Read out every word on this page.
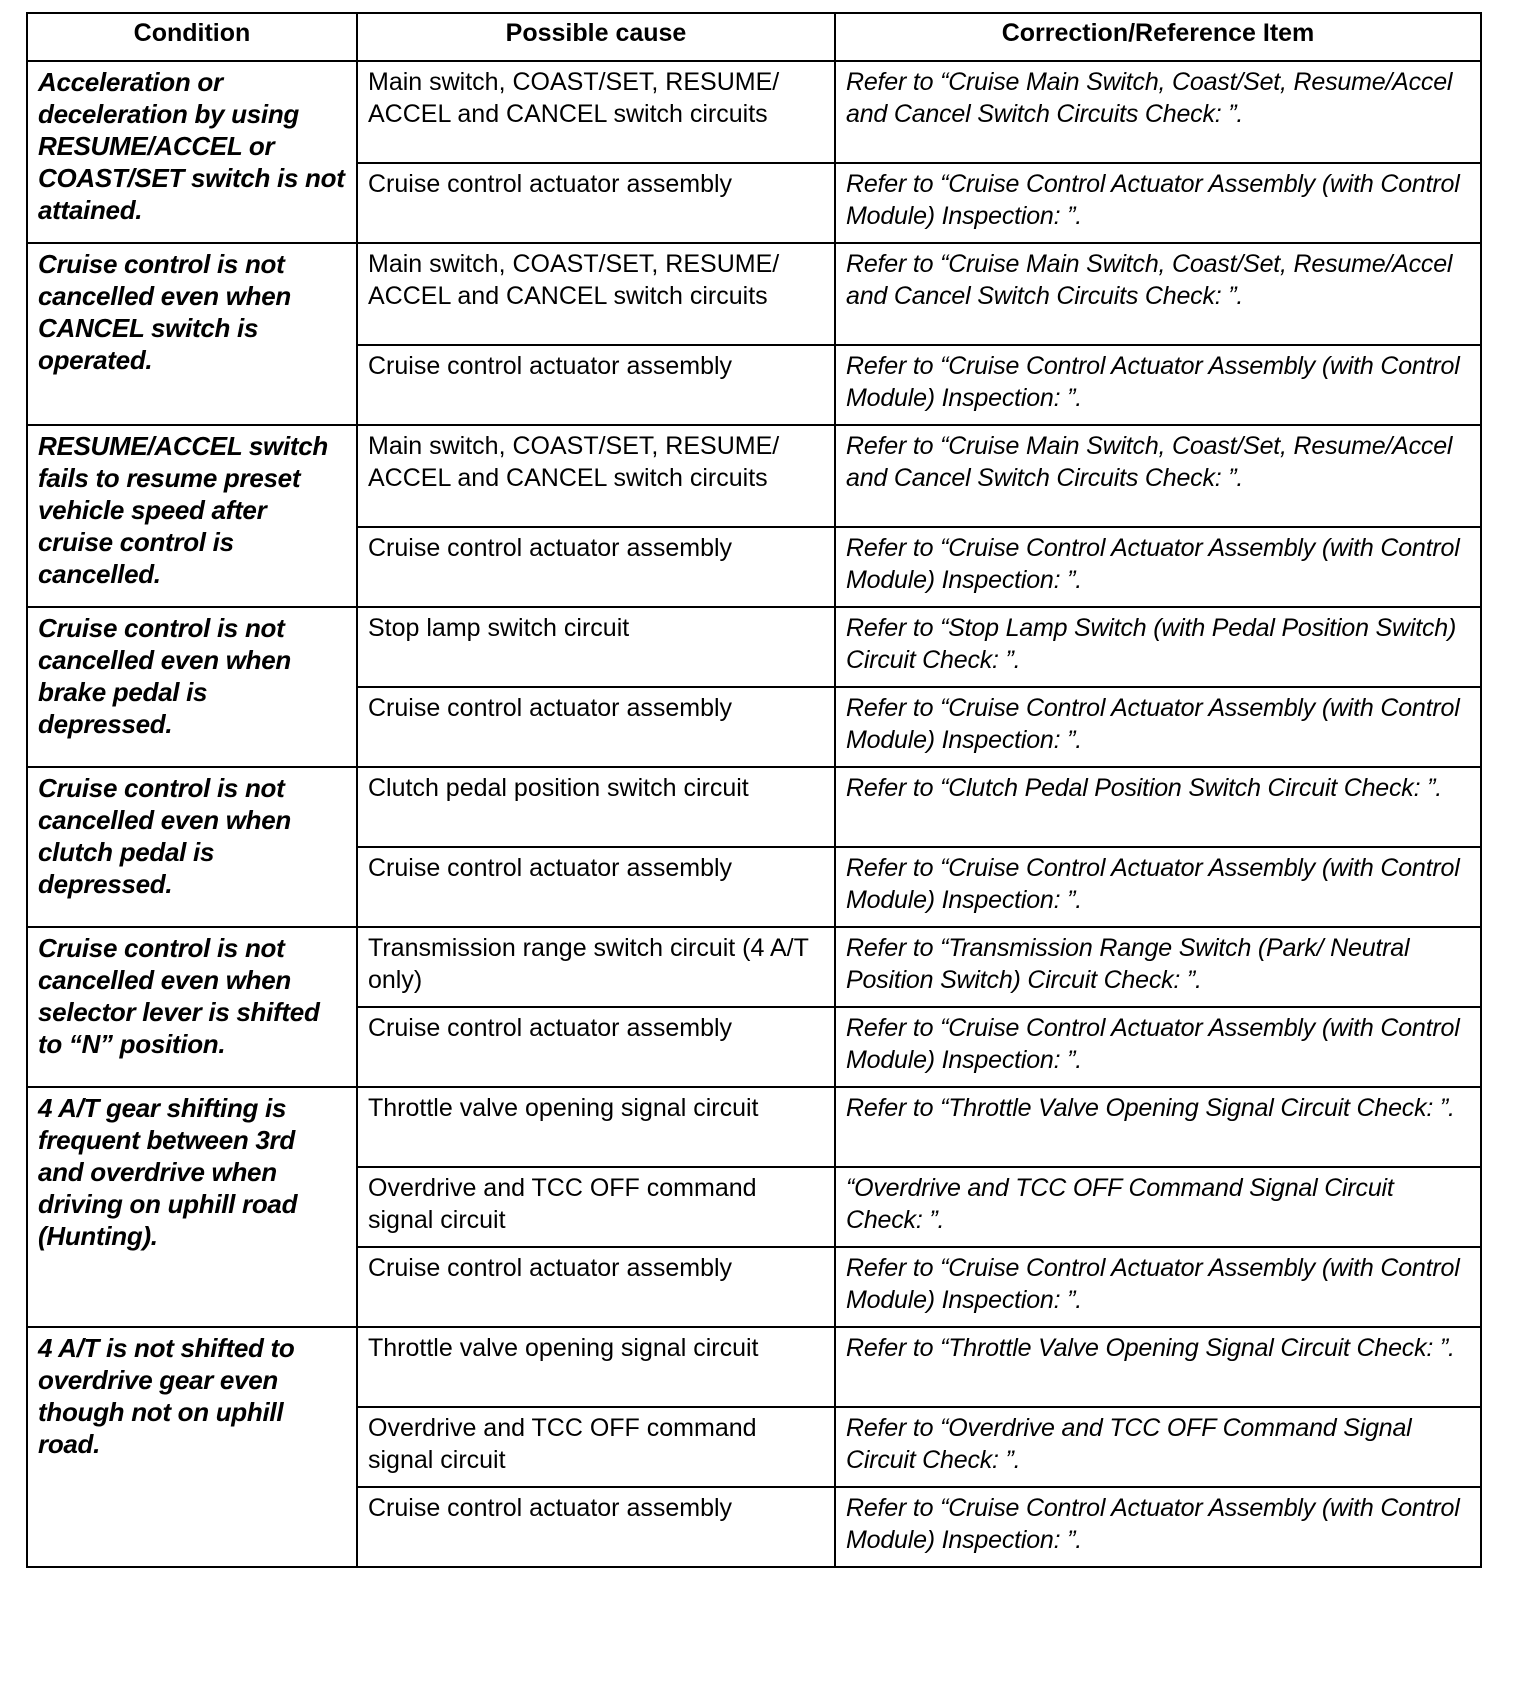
Condition	Possible cause	Correction/Reference Item
Acceleration or deceleration by using RESUME/ACCEL or COAST/SET switch is not attained.	Main switch, COAST/SET, RESUME/ ACCEL and CANCEL switch circuits	Refer to “Cruise Main Switch, Coast/Set, Resume/Accel and Cancel Switch Circuits Check: ”.
	Cruise control actuator assembly	Refer to “Cruise Control Actuator Assembly (with Control Module) Inspection: ”.
Cruise control is not cancelled even when CANCEL switch is operated.	Main switch, COAST/SET, RESUME/ ACCEL and CANCEL switch circuits	Refer to “Cruise Main Switch, Coast/Set, Resume/Accel and Cancel Switch Circuits Check: ”.
	Cruise control actuator assembly	Refer to “Cruise Control Actuator Assembly (with Control Module) Inspection: ”.
RESUME/ACCEL switch fails to resume preset vehicle speed after cruise control is cancelled.	Main switch, COAST/SET, RESUME/ ACCEL and CANCEL switch circuits	Refer to “Cruise Main Switch, Coast/Set, Resume/Accel and Cancel Switch Circuits Check: ”.
	Cruise control actuator assembly	Refer to “Cruise Control Actuator Assembly (with Control Module) Inspection: ”.
Cruise control is not cancelled even when brake pedal is depressed.	Stop lamp switch circuit	Refer to “Stop Lamp Switch (with Pedal Position Switch) Circuit Check: ”.
	Cruise control actuator assembly	Refer to “Cruise Control Actuator Assembly (with Control Module) Inspection: ”.
Cruise control is not cancelled even when clutch pedal is depressed.	Clutch pedal position switch circuit	Refer to “Clutch Pedal Position Switch Circuit Check: ”.
	Cruise control actuator assembly	Refer to “Cruise Control Actuator Assembly (with Control Module) Inspection: ”.
Cruise control is not cancelled even when selector lever is shifted to “N” position.	Transmission range switch circuit (4 A/T only)	Refer to “Transmission Range Switch (Park/ Neutral Position Switch) Circuit Check: ”.
	Cruise control actuator assembly	Refer to “Cruise Control Actuator Assembly (with Control Module) Inspection: ”.
4 A/T gear shifting is frequent between 3rd and overdrive when driving on uphill road (Hunting).	Throttle valve opening signal circuit	Refer to “Throttle Valve Opening Signal Circuit Check: ”.
	Overdrive and TCC OFF command signal circuit	“Overdrive and TCC OFF Command Signal Circuit Check: ”.
	Cruise control actuator assembly	Refer to “Cruise Control Actuator Assembly (with Control Module) Inspection: ”.
4 A/T is not shifted to overdrive gear even though not on uphill road.	Throttle valve opening signal circuit	Refer to “Throttle Valve Opening Signal Circuit Check: ”.
	Overdrive and TCC OFF command signal circuit	Refer to “Overdrive and TCC OFF Command Signal Circuit Check: ”.
	Cruise control actuator assembly	Refer to “Cruise Control Actuator Assembly (with Control Module) Inspection: ”.
